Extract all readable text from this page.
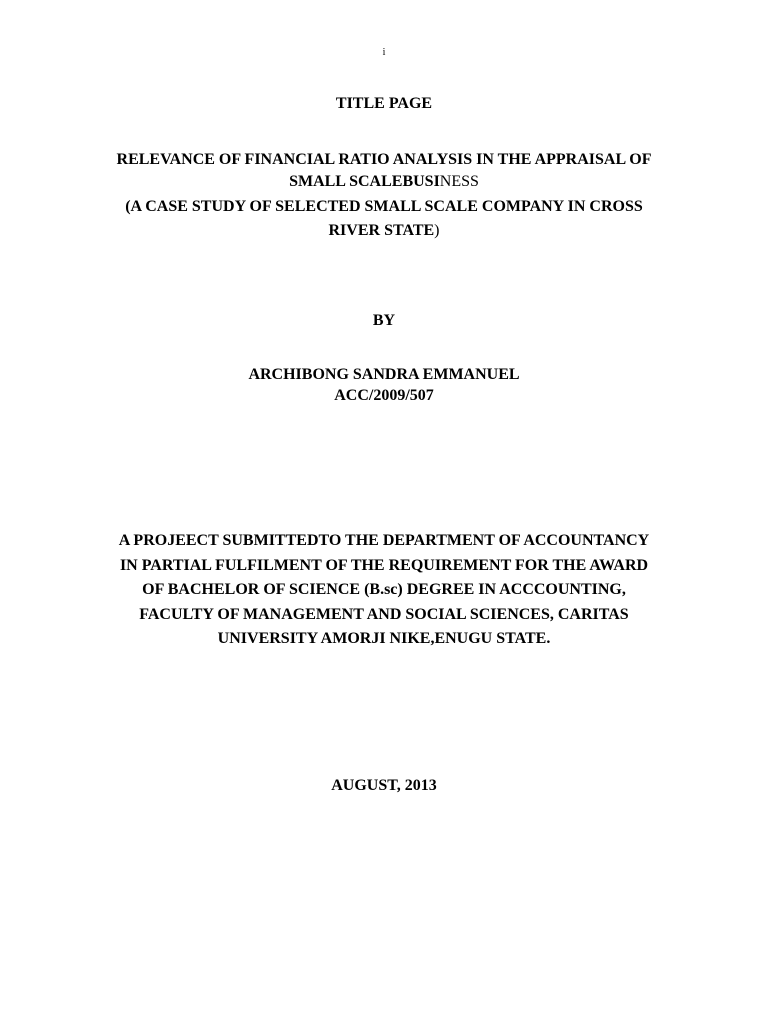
i
TITLE PAGE
RELEVANCE OF FINANCIAL RATIO ANALYSIS IN THE APPRAISAL OF
SMALL SCALEBUSINESS
(A CASE STUDY OF SELECTED SMALL SCALE COMPANY IN CROSS
RIVER STATE)
BY
ARCHIBONG SANDRA EMMANUEL
ACC/2009/507
A PROJEECT SUBMITTEDTO THE DEPARTMENT OF ACCOUNTANCY
IN PARTIAL FULFILMENT OF THE REQUIREMENT FOR THE AWARD
OF BACHELOR OF SCIENCE (B.sc) DEGREE IN ACCCOUNTING,
FACULTY OF MANAGEMENT AND SOCIAL SCIENCES, CARITAS
UNIVERSITY AMORJI NIKE,ENUGU STATE.
AUGUST, 2013
